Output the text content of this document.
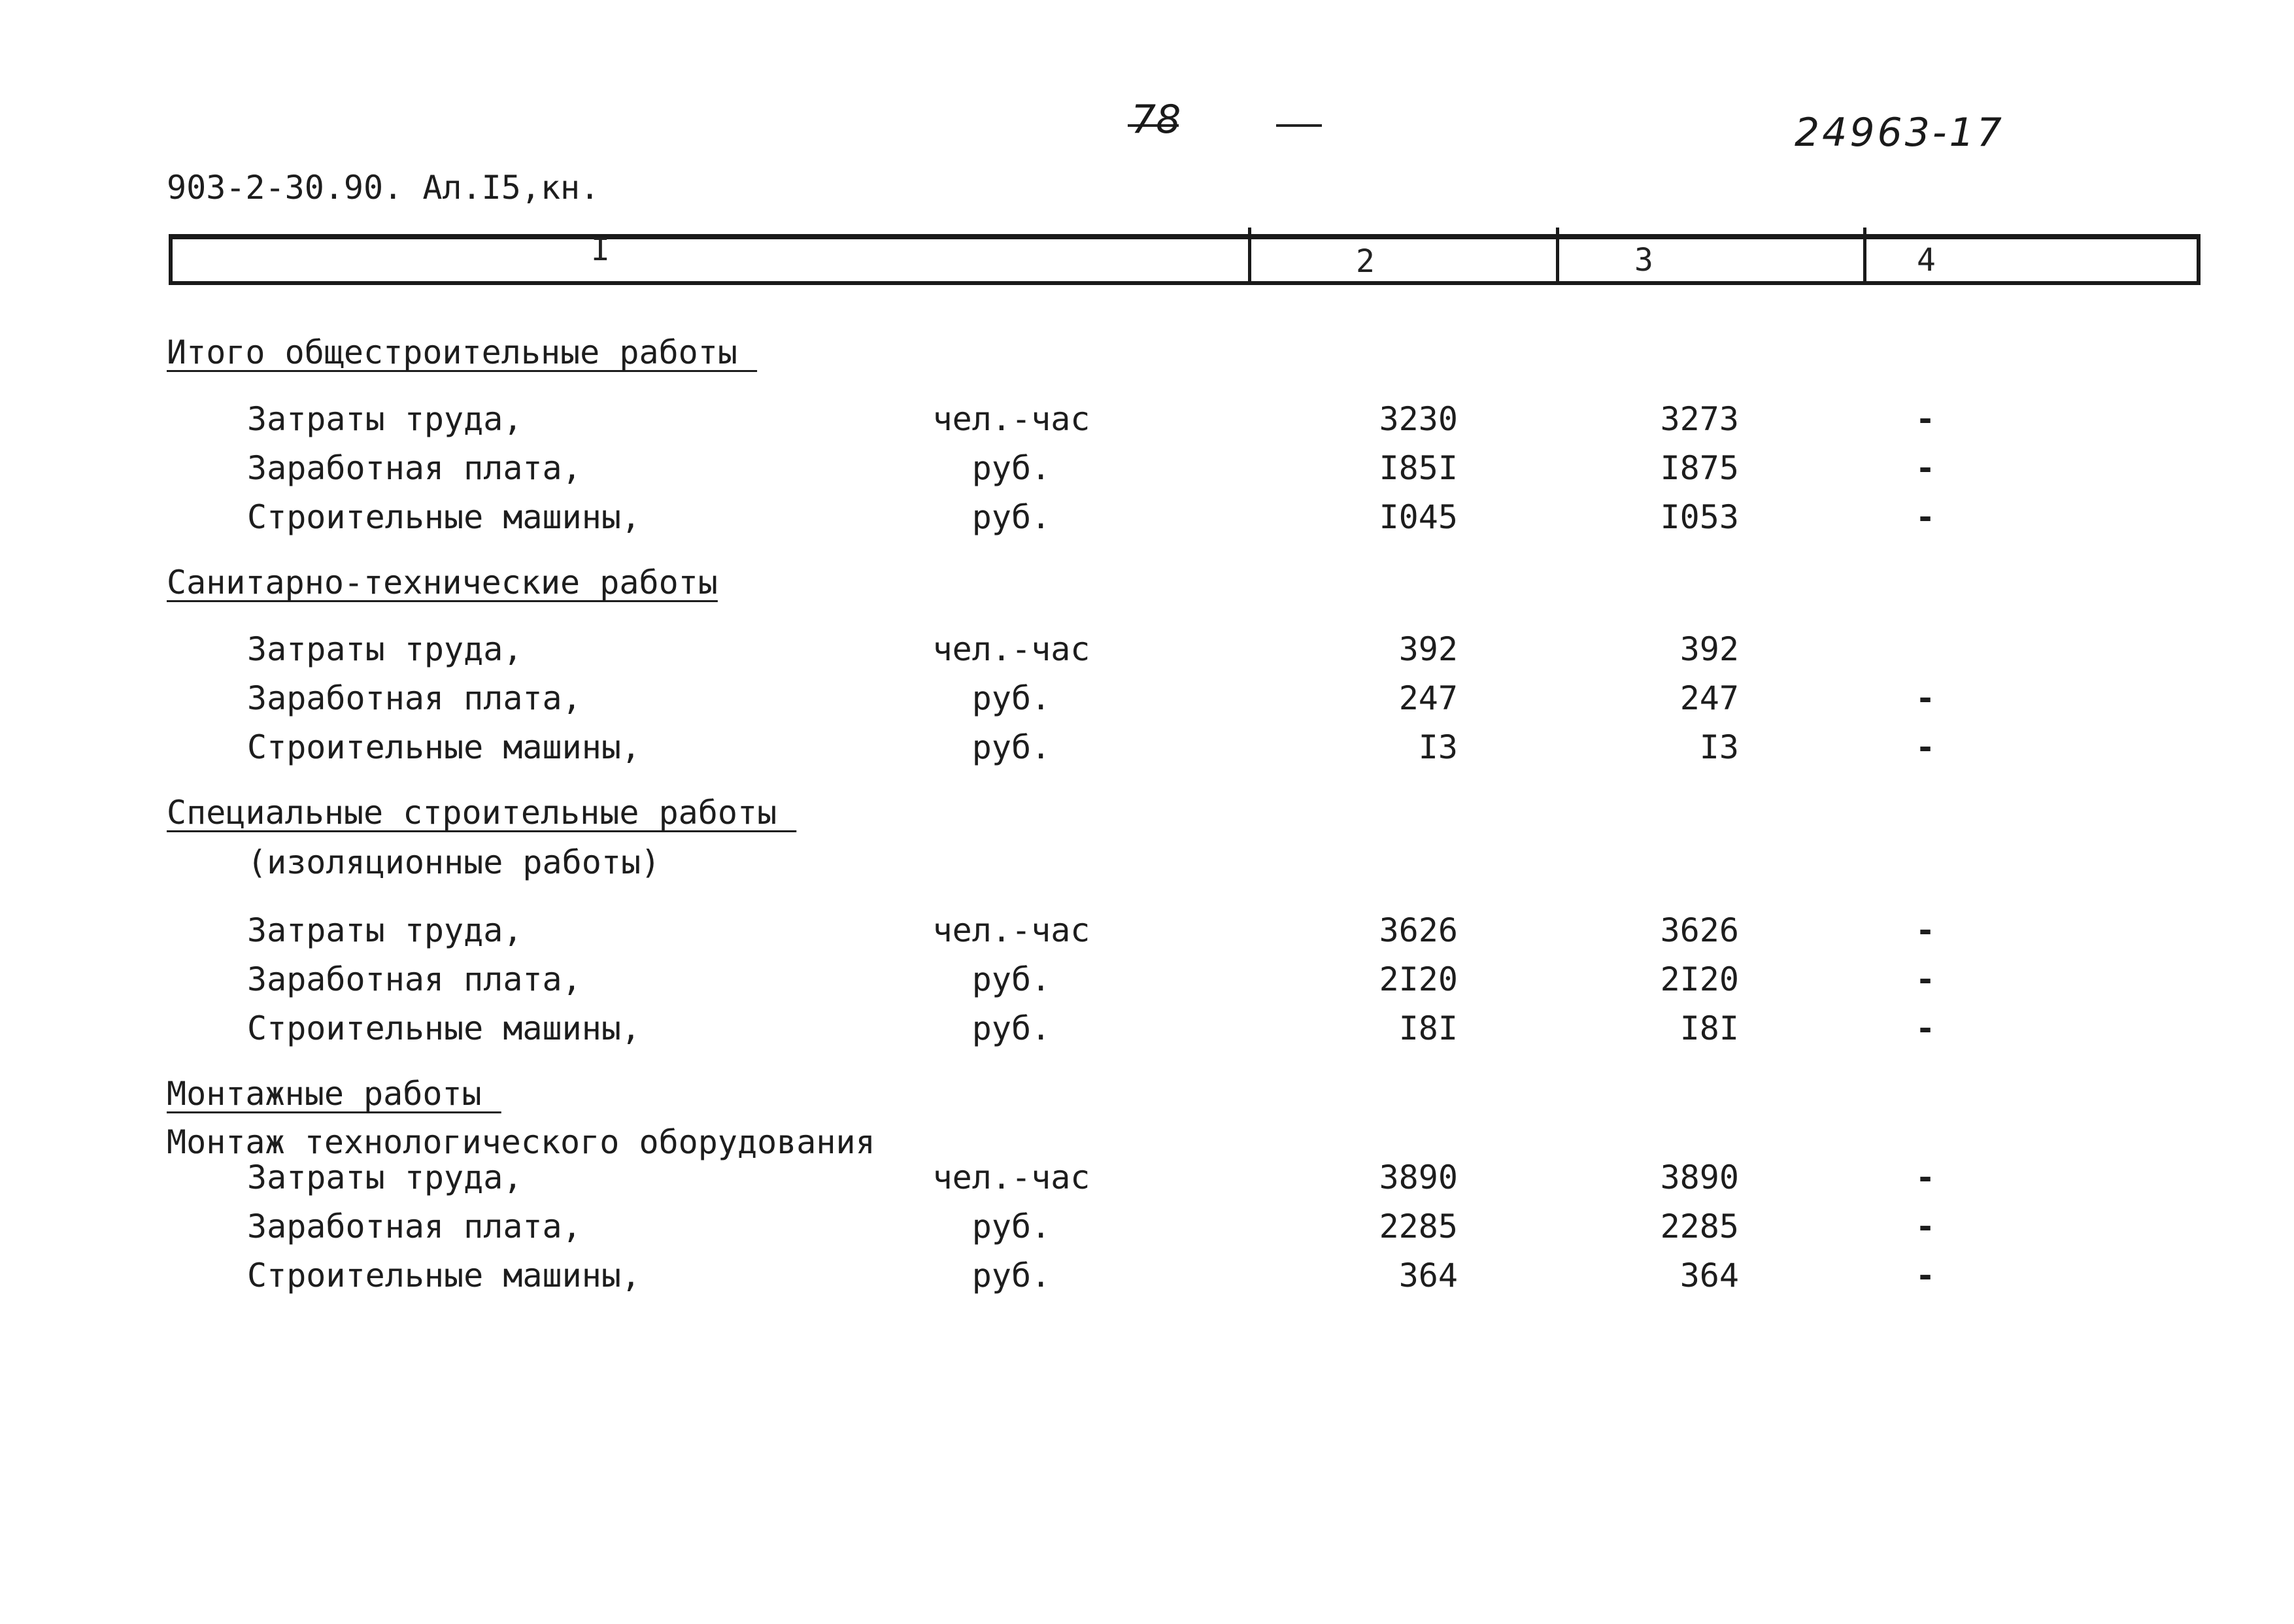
78	24963-17
903-2-30.90. Ал.I5,кн.
I	2	3	4
Итого общестроительные работы
Затраты труда,	чел.-час	3230	3273	-
Заработная плата,	руб.	I85I	I875	-
Строительные машины,	руб.	I045	I053	-
Санитарно-технические работы
Затраты труда,	чел.-час	392	392
Заработная плата,	руб.	247	247	-
Строительные машины,	руб.	I3	I3	-
Специальные строительные работы
(изоляционные работы)
Затраты труда,	чел.-час	3626	3626	-
Заработная плата,	руб.	2I20	2I20	-
Строительные машины,	руб.	I8I	I8I	-
Монтажные работы
Монтаж технологического оборудования
Затраты труда,	чел.-час	3890	3890	-
Заработная плата,	руб.	2285	2285	-
Строительные машины,	руб.	364	364	-
